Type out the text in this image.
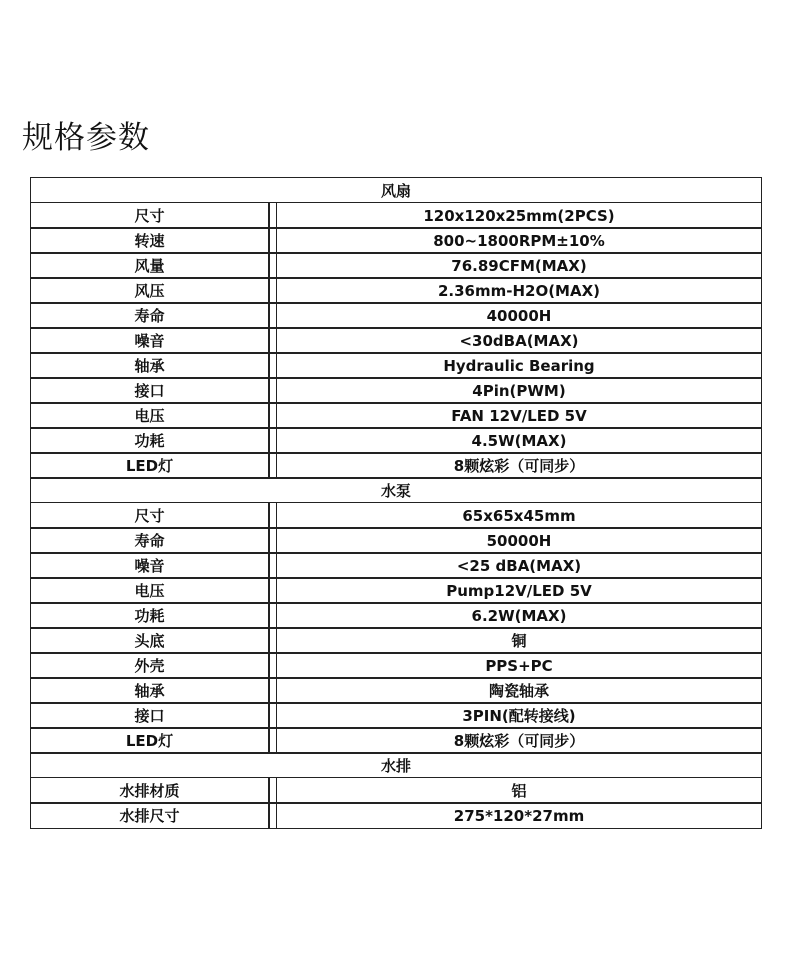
规格参数
风扇
尺寸	120x120x25mm(2PCS)
转速	800~1800RPM±10%
风量	76.89CFM(MAX)
风压	2.36mm-H2O(MAX)
寿命	40000H
噪音	<30dBA(MAX)
轴承	Hydraulic Bearing
接口	4Pin(PWM)
电压	FAN 12V/LED 5V
功耗	4.5W(MAX)
LED灯	8颗炫彩（可同步）
水泵
尺寸	65x65x45mm
寿命	50000H
噪音	<25 dBA(MAX)
电压	Pump12V/LED 5V
功耗	6.2W(MAX)
头底	铜
外壳	PPS+PC
轴承	陶瓷轴承
接口	3PIN(配转接线)
LED灯	8颗炫彩（可同步）
水排
水排材质	铝
水排尺寸	275*120*27mm
